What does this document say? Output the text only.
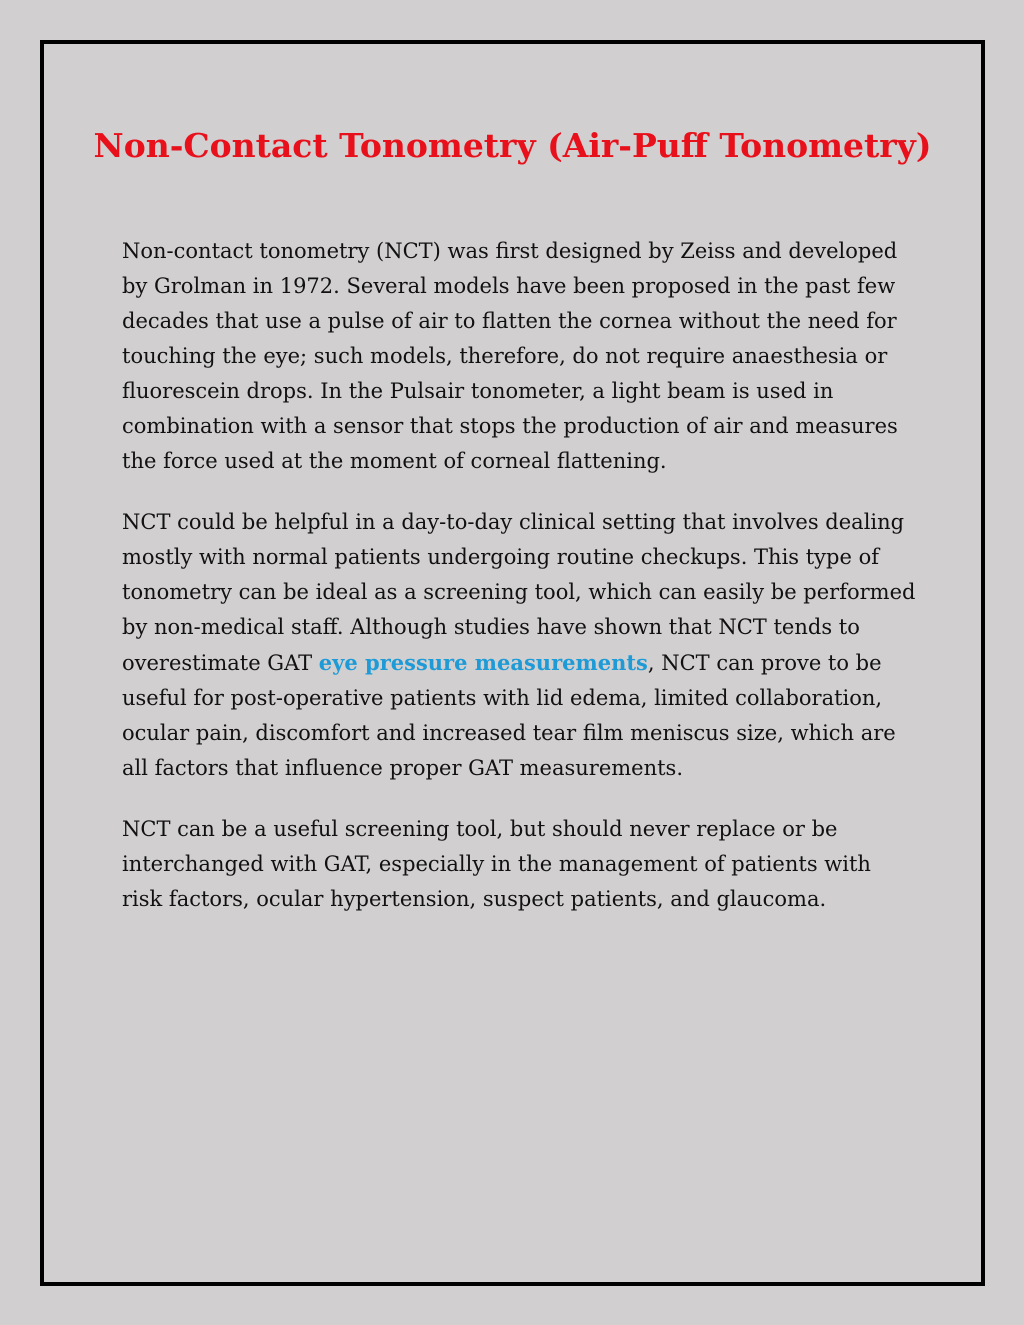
Non-Contact Tonometry (Air-Puff Tonometry)

Non-contact tonometry (NCT) was first designed by Zeiss and developed by Grolman in 1972. Several models have been proposed in the past few decades that use a pulse of air to flatten the cornea without the need for touching the eye; such models, therefore, do not require anaesthesia or fluorescein drops. In the Pulsair tonometer, a light beam is used in combination with a sensor that stops the production of air and measures the force used at the moment of corneal flattening.

NCT could be helpful in a day-to-day clinical setting that involves dealing mostly with normal patients undergoing routine checkups. This type of tonometry can be ideal as a screening tool, which can easily be performed by non-medical staff. Although studies have shown that NCT tends to overestimate GAT eye pressure measurements, NCT can prove to be useful for post-operative patients with lid edema, limited collaboration, ocular pain, discomfort and increased tear film meniscus size, which are all factors that influence proper GAT measurements.

NCT can be a useful screening tool, but should never replace or be interchanged with GAT, especially in the management of patients with risk factors, ocular hypertension, suspect patients, and glaucoma.
